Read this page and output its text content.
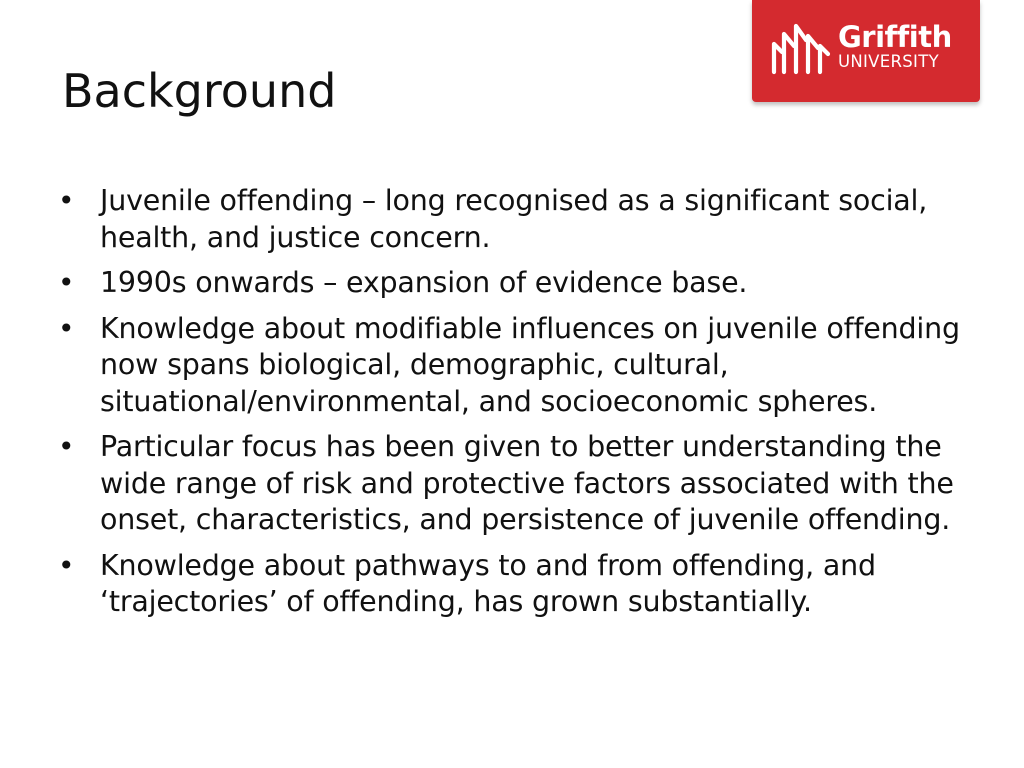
Background
Griffith
UNIVERSITY
• Juvenile offending – long recognised as a significant social, health, and justice concern.
• 1990s onwards – expansion of evidence base.
• Knowledge about modifiable influences on juvenile offending now spans biological, demographic, cultural, situational/environmental, and socioeconomic spheres.
• Particular focus has been given to better understanding the wide range of risk and protective factors associated with the onset, characteristics, and persistence of juvenile offending.
• Knowledge about pathways to and from offending, and ‘trajectories’ of offending, has grown substantially.
